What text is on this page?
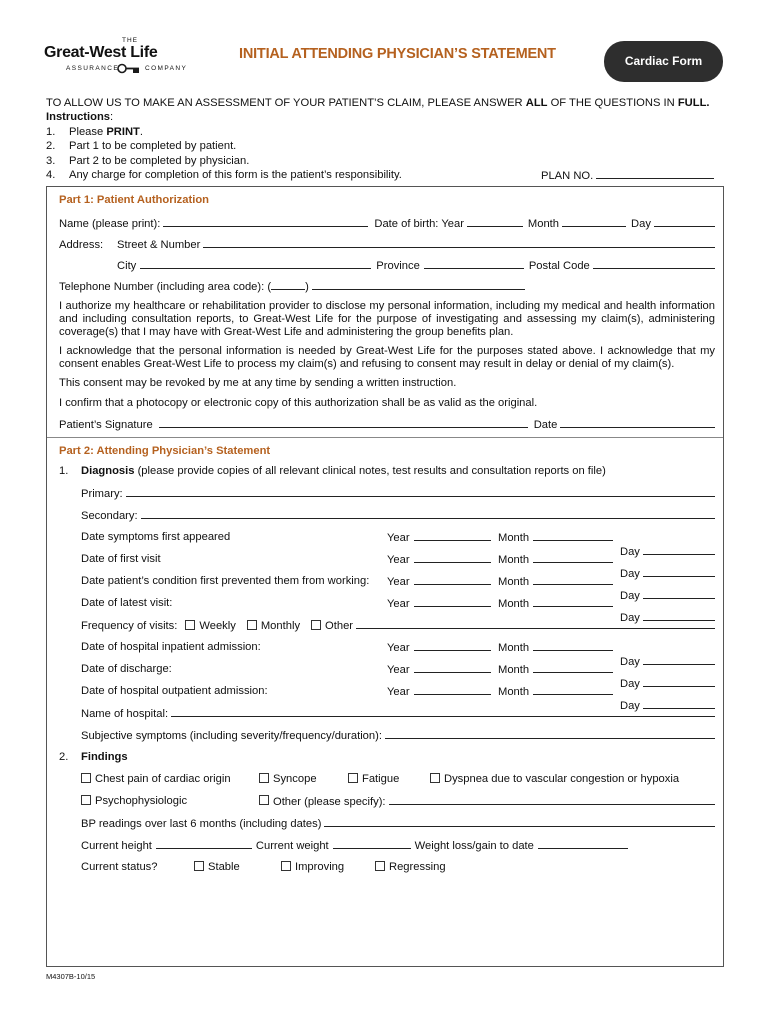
THE
Great-West Life
ASSURANCE	COMPANY
INITIAL ATTENDING PHYSICIAN’S STATEMENT	Cardiac Form
TO ALLOW US TO MAKE AN ASSESSMENT OF YOUR PATIENT’S CLAIM, PLEASE ANSWER ALL OF THE QUESTIONS IN FULL.
Instructions:
1. Please PRINT.
2. Part 1 to be completed by patient.
3. Part 2 to be completed by physician.
4. Any charge for completion of this form is the patient’s responsibility.	PLAN NO.
Part 1: Patient Authorization
Name (please print):	Date of birth: Year	Month	Day
Address:	Street & Number
City	Province	Postal Code
Telephone Number (including area code): (	)
I authorize my healthcare or rehabilitation provider to disclose my personal information, including my medical and health information and including consultation reports, to Great-West Life for the purpose of investigating and assessing my claim(s), administering coverage(s) that I may have with Great-West Life and administering the group benefits plan.
I acknowledge that the personal information is needed by Great-West Life for the purposes stated above. I acknowledge that my consent enables Great-West Life to process my claim(s) and refusing to consent may result in delay or denial of my claim(s).
This consent may be revoked by me at any time by sending a written instruction.
I confirm that a photocopy or electronic copy of this authorization shall be as valid as the original.
Patient’s Signature	Date
Part 2: Attending Physician’s Statement
1. Diagnosis (please provide copies of all relevant clinical notes, test results and consultation reports on file)
Primary:
Secondary:
Date symptoms first appeared	Year	Month
Day
Date of first visit	Year	Month
Day
Date patient’s condition first prevented them from working: Year	Month
Day
Date of latest visit:	Year	Month
Day
Frequency of visits:	Weekly	Monthly	Other
Date of hospital inpatient admission:	Year	Month
Day
Date of discharge:	Year	Month
Day
Date of hospital outpatient admission:	Year	Month
Day
Name of hospital:
Subjective symptoms (including severity/frequency/duration):
2. Findings
Chest pain of cardiac origin	Syncope	Fatigue	Dyspnea due to vascular congestion or hypoxia
Psychophysiologic	Other (please specify):
BP readings over last 6 months (including dates)
Current height	Current weight	Weight loss/gain to date
Current status?	Stable	Improving	Regressing
M4307B-10/15
